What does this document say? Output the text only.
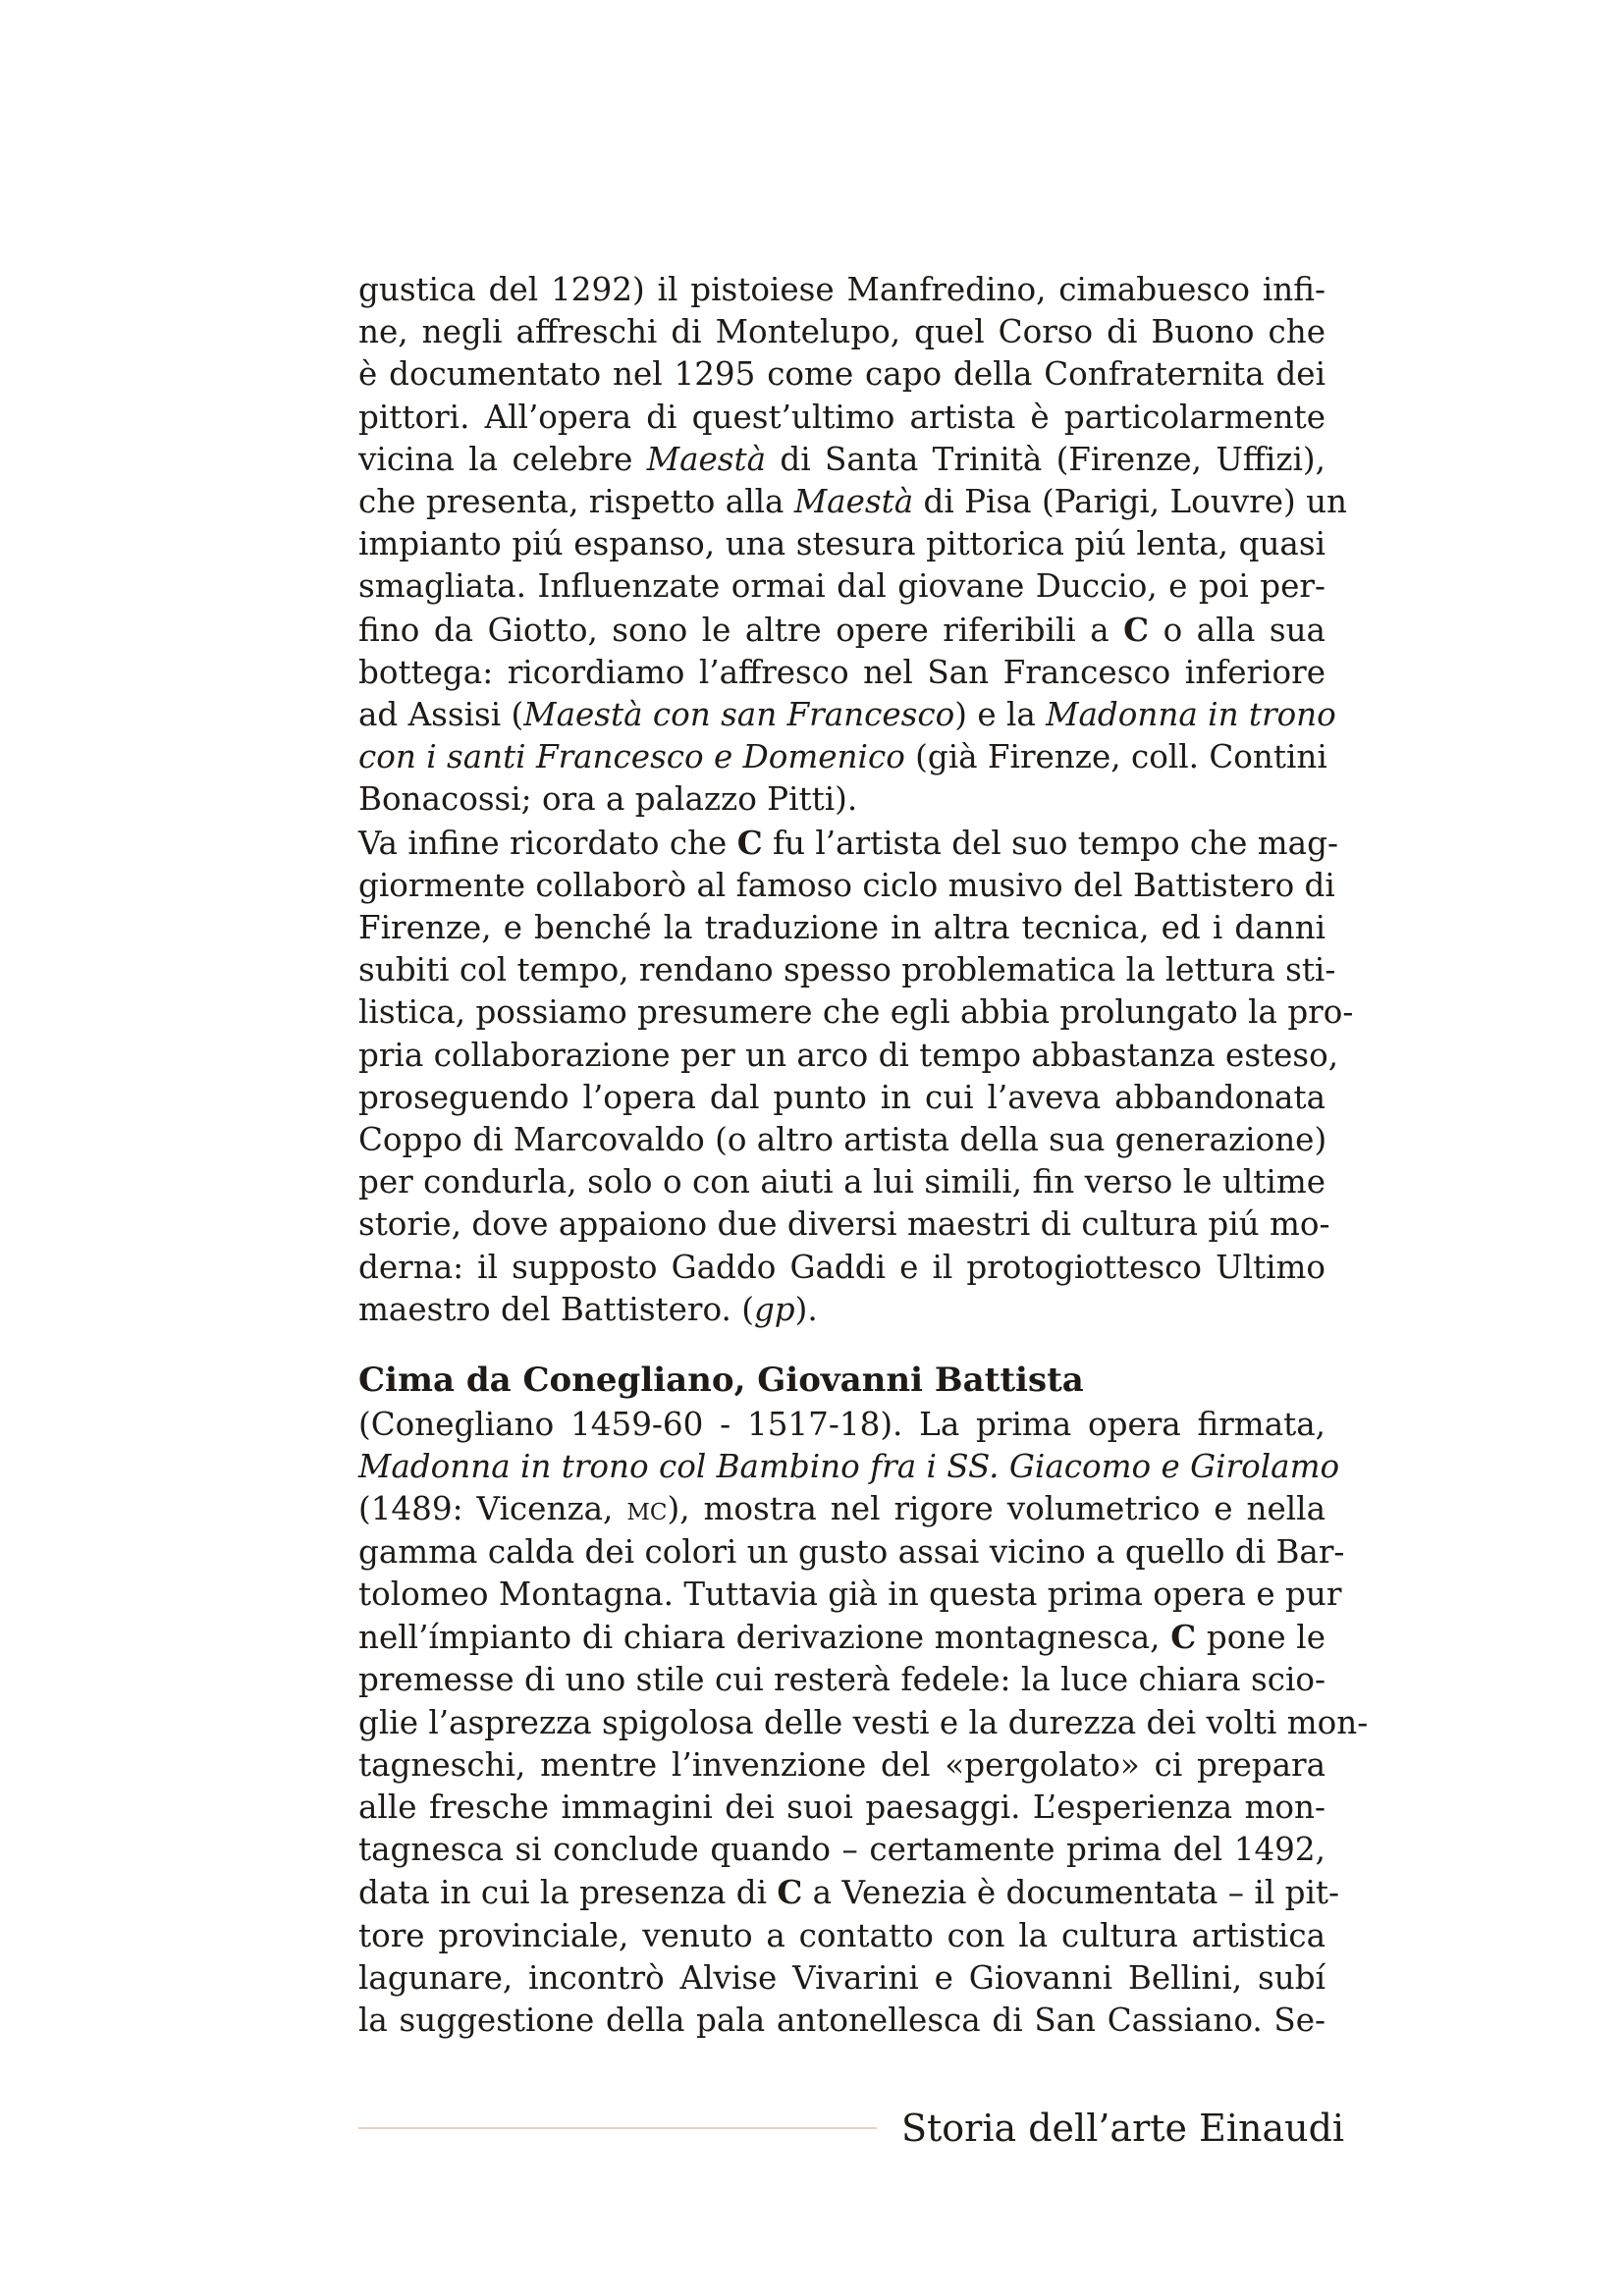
gustica del 1292) il pistoiese Manfredino, cimabuesco infi-
ne, negli affreschi di Montelupo, quel Corso di Buono che
è documentato nel 1295 come capo della Confraternita dei
pittori. All’opera di quest’ultimo artista è particolarmente
vicina la celebre Maestà di Santa Trinità (Firenze, Uffizi),
che presenta, rispetto alla Maestà di Pisa (Parigi, Louvre) un
impianto piú espanso, una stesura pittorica piú lenta, quasi
smagliata. Influenzate ormai dal giovane Duccio, e poi per-
fino da Giotto, sono le altre opere riferibili a C o alla sua
bottega: ricordiamo l’affresco nel San Francesco inferiore
ad Assisi (Maestà con san Francesco) e la Madonna in trono
con i santi Francesco e Domenico (già Firenze, coll. Contini
Bonacossi; ora a palazzo Pitti).
Va infine ricordato che C fu l’artista del suo tempo che mag-
giormente collaborò al famoso ciclo musivo del Battistero di
Firenze, e benché la traduzione in altra tecnica, ed i danni
subiti col tempo, rendano spesso problematica la lettura sti-
listica, possiamo presumere che egli abbia prolungato la pro-
pria collaborazione per un arco di tempo abbastanza esteso,
proseguendo l’opera dal punto in cui l’aveva abbandonata
Coppo di Marcovaldo (o altro artista della sua generazione)
per condurla, solo o con aiuti a lui simili, fin verso le ultime
storie, dove appaiono due diversi maestri di cultura piú mo-
derna: il supposto Gaddo Gaddi e il protogiottesco Ultimo
maestro del Battistero. (gp).
Cima da Conegliano, Giovanni Battista
(Conegliano 1459-60 - 1517-18). La prima opera firmata,
Madonna in trono col Bambino fra i SS. Giacomo e Girolamo
(1489: Vicenza, mc), mostra nel rigore volumetrico e nella
gamma calda dei colori un gusto assai vicino a quello di Bar-
tolomeo Montagna. Tuttavia già in questa prima opera e pur
nell’ímpianto di chiara derivazione montagnesca, C pone le
premesse di uno stile cui resterà fedele: la luce chiara scio-
glie l’asprezza spigolosa delle vesti e la durezza dei volti mon-
tagneschi, mentre l’invenzione del «pergolato» ci prepara
alle fresche immagini dei suoi paesaggi. L’esperienza mon-
tagnesca si conclude quando – certamente prima del 1492,
data in cui la presenza di C a Venezia è documentata – il pit-
tore provinciale, venuto a contatto con la cultura artistica
lagunare, incontrò Alvise Vivarini e Giovanni Bellini, subí
la suggestione della pala antonellesca di San Cassiano. Se-
Storia dell’arte Einaudi
